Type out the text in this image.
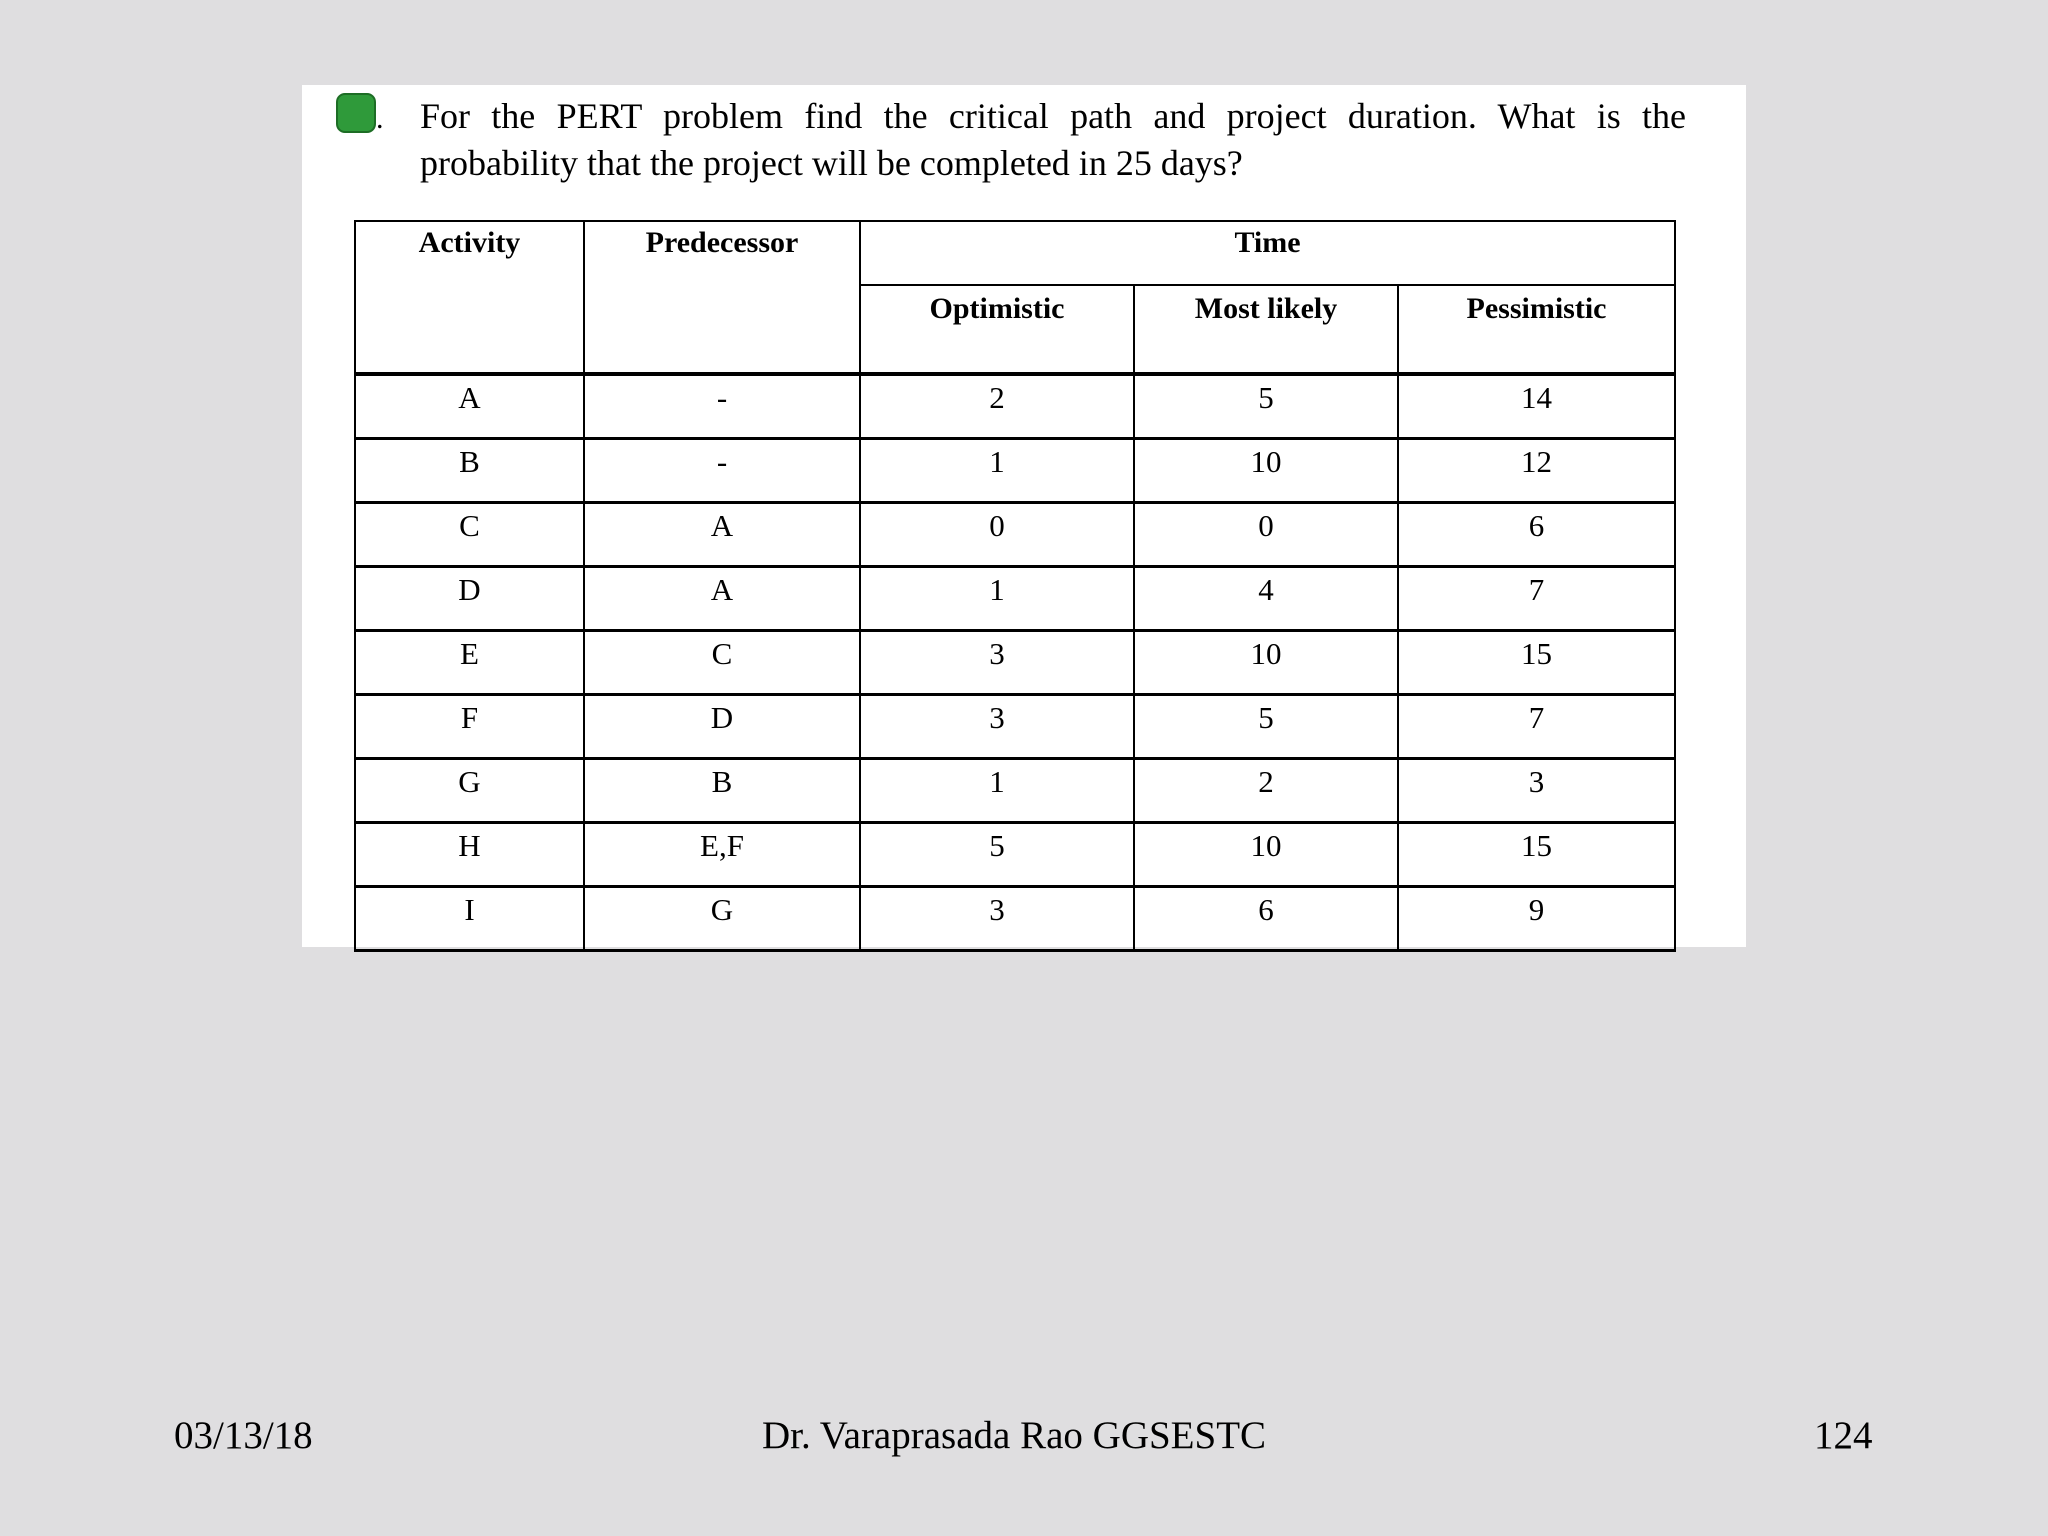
. For the PERT problem find the critical path and project duration. What is the probability that the project will be completed in 25 days?

Activity	Predecessor	Time		
		Optimistic	Most likely	Pessimistic
A	-	2	5	14
B	-	1	10	12
C	A	0	0	6
D	A	1	4	7
E	C	3	10	15
F	D	3	5	7
G	B	1	2	3
H	E,F	5	10	15
I	G	3	6	9
03/13/18	Dr. Varaprasada Rao GGSESTC	124
